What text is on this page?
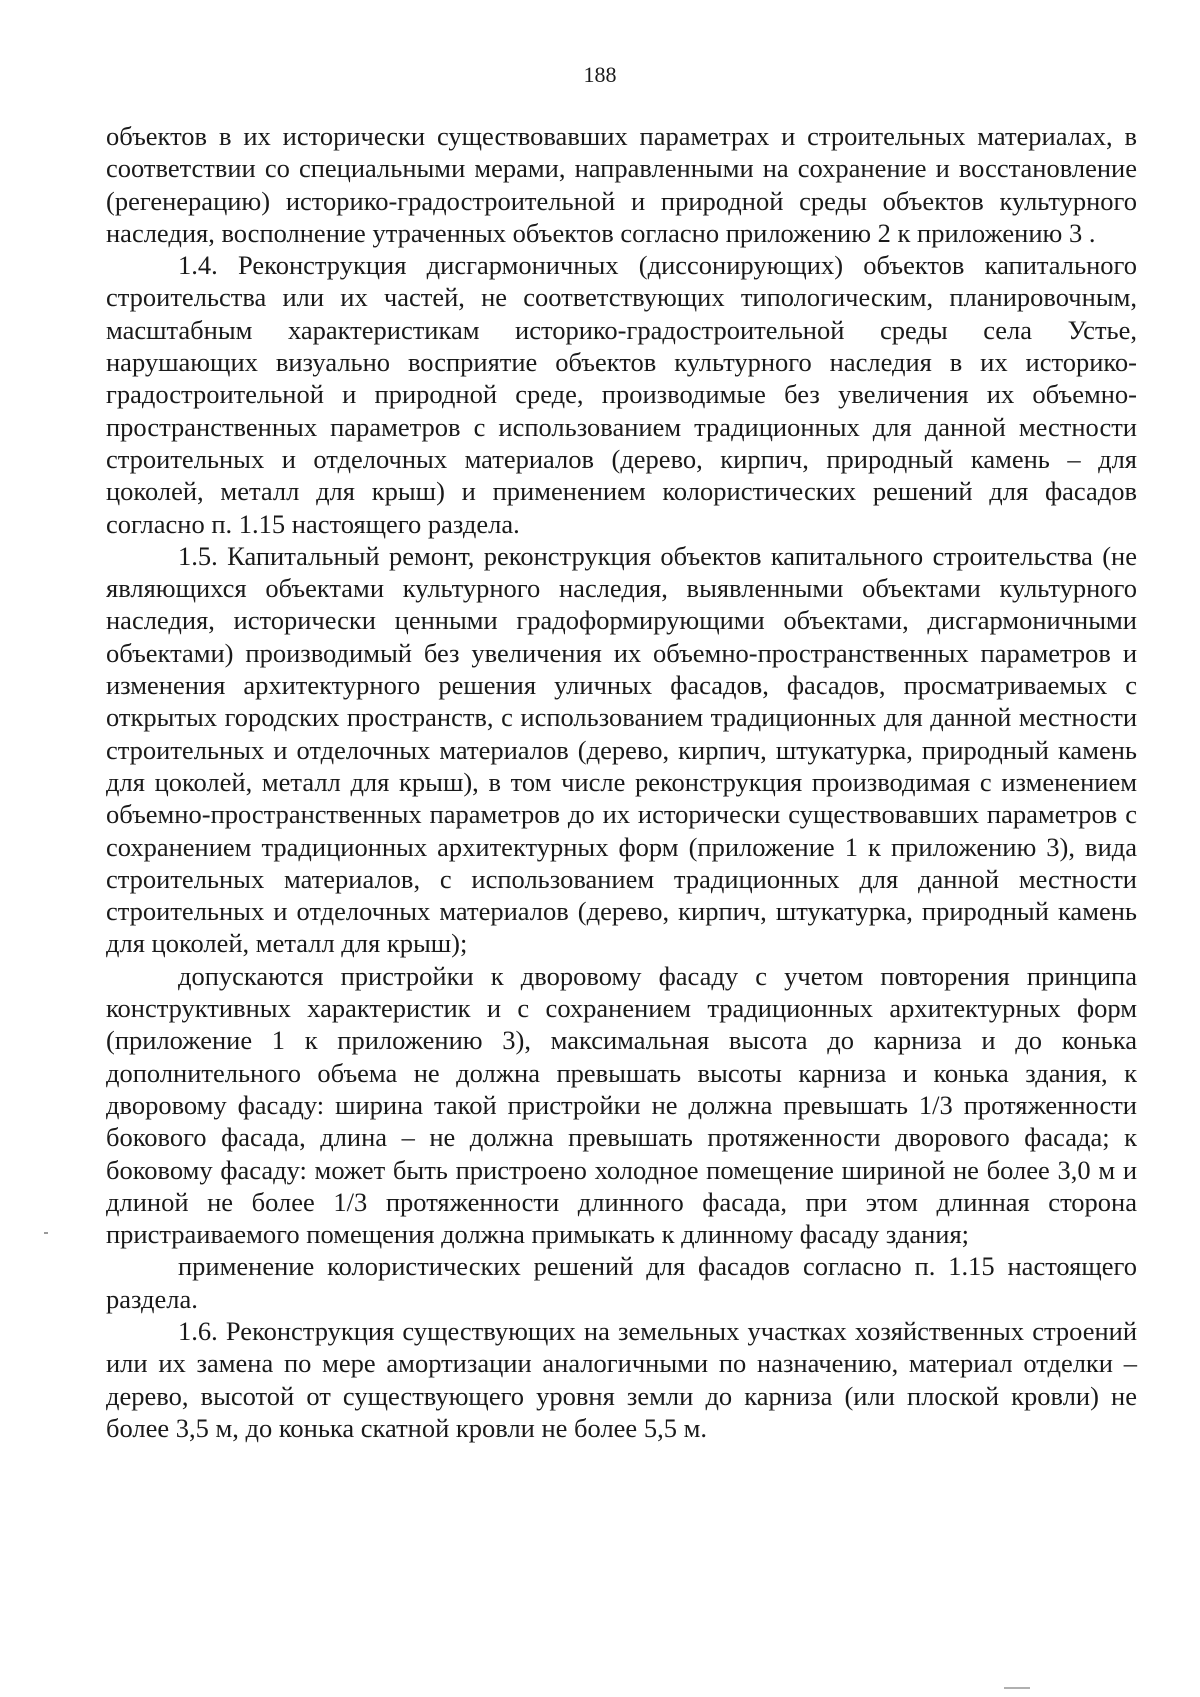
188

объектов в их исторически существовавших параметрах и строительных материалах, в соответствии со специальными мерами, направленными на сохранение и восстановление (регенерацию) историко-градостроительной и природной среды объектов культурного наследия, восполнение утраченных объектов согласно приложению 2 к приложению 3 .

1.4. Реконструкция дисгармоничных (диссонирующих) объектов капитального строительства или их частей, не соответствующих типологическим, планировочным, масштабным характеристикам историко-градостроительной среды села Устье, нарушающих визуально восприятие объектов культурного наследия в их историко-градостроительной и природной среде, производимые без увеличения их объемно-пространственных параметров с использованием традиционных для данной местности строительных и отделочных материалов (дерево, кирпич, природный камень – для цоколей, металл для крыш) и применением колористических решений для фасадов согласно п. 1.15 настоящего раздела.

1.5. Капитальный ремонт, реконструкция объектов капитального строительства (не являющихся объектами культурного наследия, выявленными объектами культурного наследия, исторически ценными градоформирующими объектами, дисгармоничными объектами) производимый без увеличения их объемно-пространственных параметров и изменения архитектурного решения уличных фасадов, фасадов, просматриваемых с открытых городских пространств, с использованием традиционных для данной местности строительных и отделочных материалов (дерево, кирпич, штукатурка, природный камень для цоколей, металл для крыш), в том числе реконструкция производимая с изменением объемно-пространственных параметров до их исторически существовавших параметров с сохранением традиционных архитектурных форм (приложение 1 к приложению 3), вида строительных материалов, с использованием традиционных для данной местности строительных и отделочных материалов (дерево, кирпич, штукатурка, природный камень для цоколей, металл для крыш);

допускаются пристройки к дворовому фасаду с учетом повторения принципа конструктивных характеристик и с сохранением традиционных архитектурных форм (приложение 1 к приложению 3), максимальная высота до карниза и до конька дополнительного объема не должна превышать высоты карниза и конька здания, к дворовому фасаду: ширина такой пристройки не должна превышать 1/3 протяженности бокового фасада, длина – не должна превышать протяженности дворового фасада; к боковому фасаду: может быть пристроено холодное помещение шириной не более 3,0 м и длиной не более 1/3 протяженности длинного фасада, при этом длинная сторона пристраиваемого помещения должна примыкать к длинному фасаду здания;

применение колористических решений для фасадов согласно п. 1.15 настоящего раздела.

1.6. Реконструкция существующих на земельных участках хозяйственных строений или их замена по мере амортизации аналогичными по назначению, материал отделки – дерево, высотой от существующего уровня земли до карниза (или плоской кровли) не более 3,5 м, до конька скатной кровли не более 5,5 м.
